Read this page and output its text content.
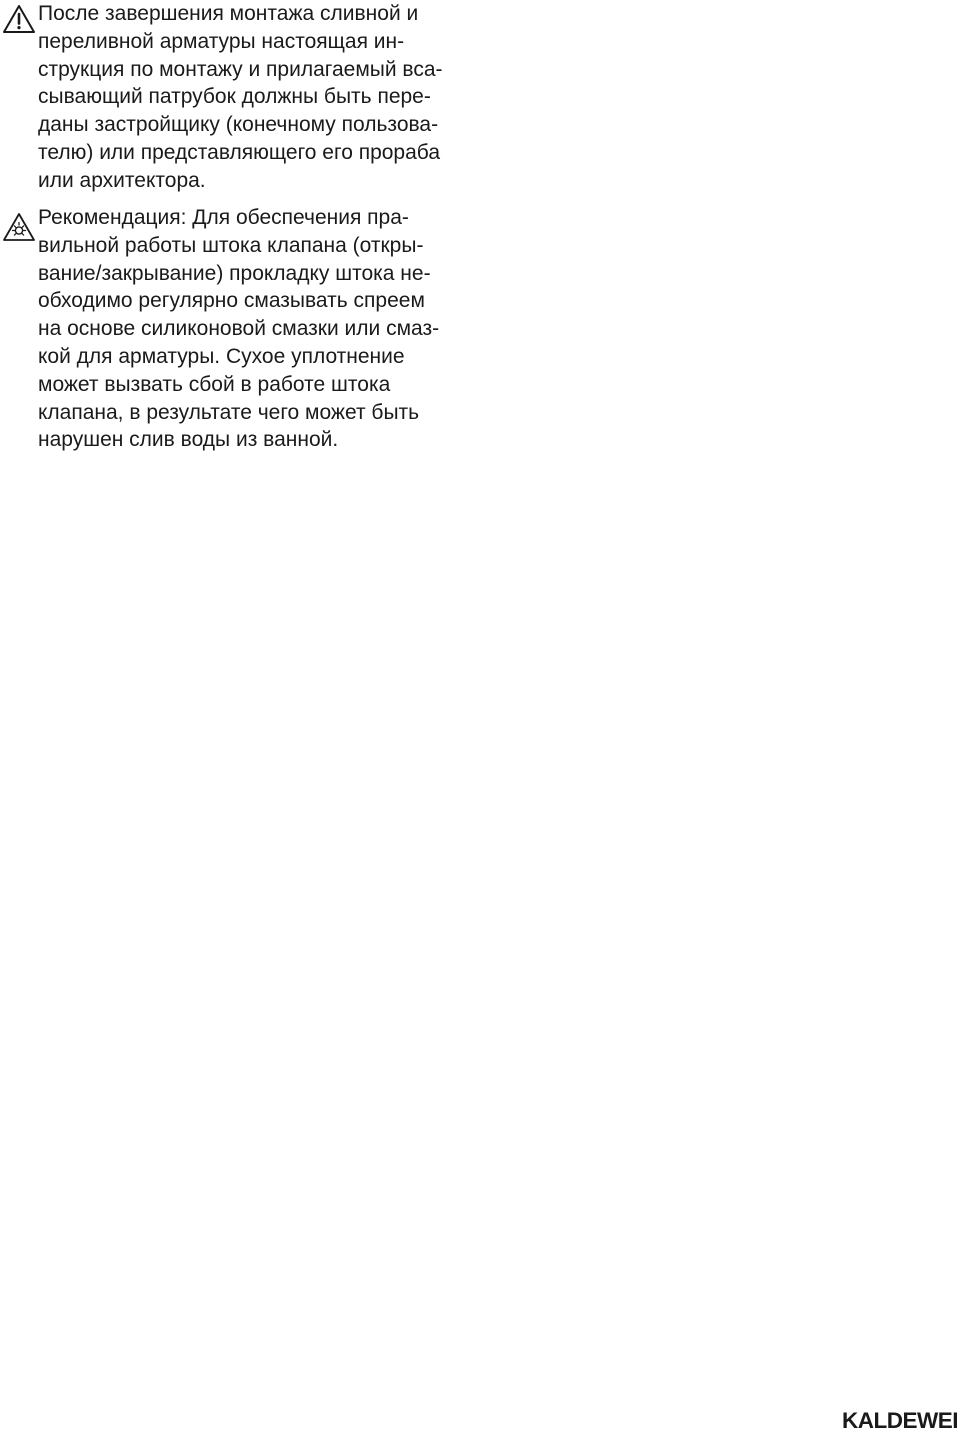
После завершения монтажа сливной и
переливной арматуры настоящая ин-
струкция по монтажу и прилагаемый вса-
сывающий патрубок должны быть пере-
даны застройщику (конечному пользова-
телю) или представляющего его прораба
или архитектора.

Рекомендация: Для обеспечения пра-
вильной работы штока клапана (откры-
вание/закрывание) прокладку штока не-
обходимо регулярно смазывать спреем
на основе силиконовой смазки или смаз-
кой для арматуры. Сухое уплотнение
может вызвать сбой в работе штока
клапана, в результате чего может быть
нарушен слив воды из ванной.

KALDEWEI
